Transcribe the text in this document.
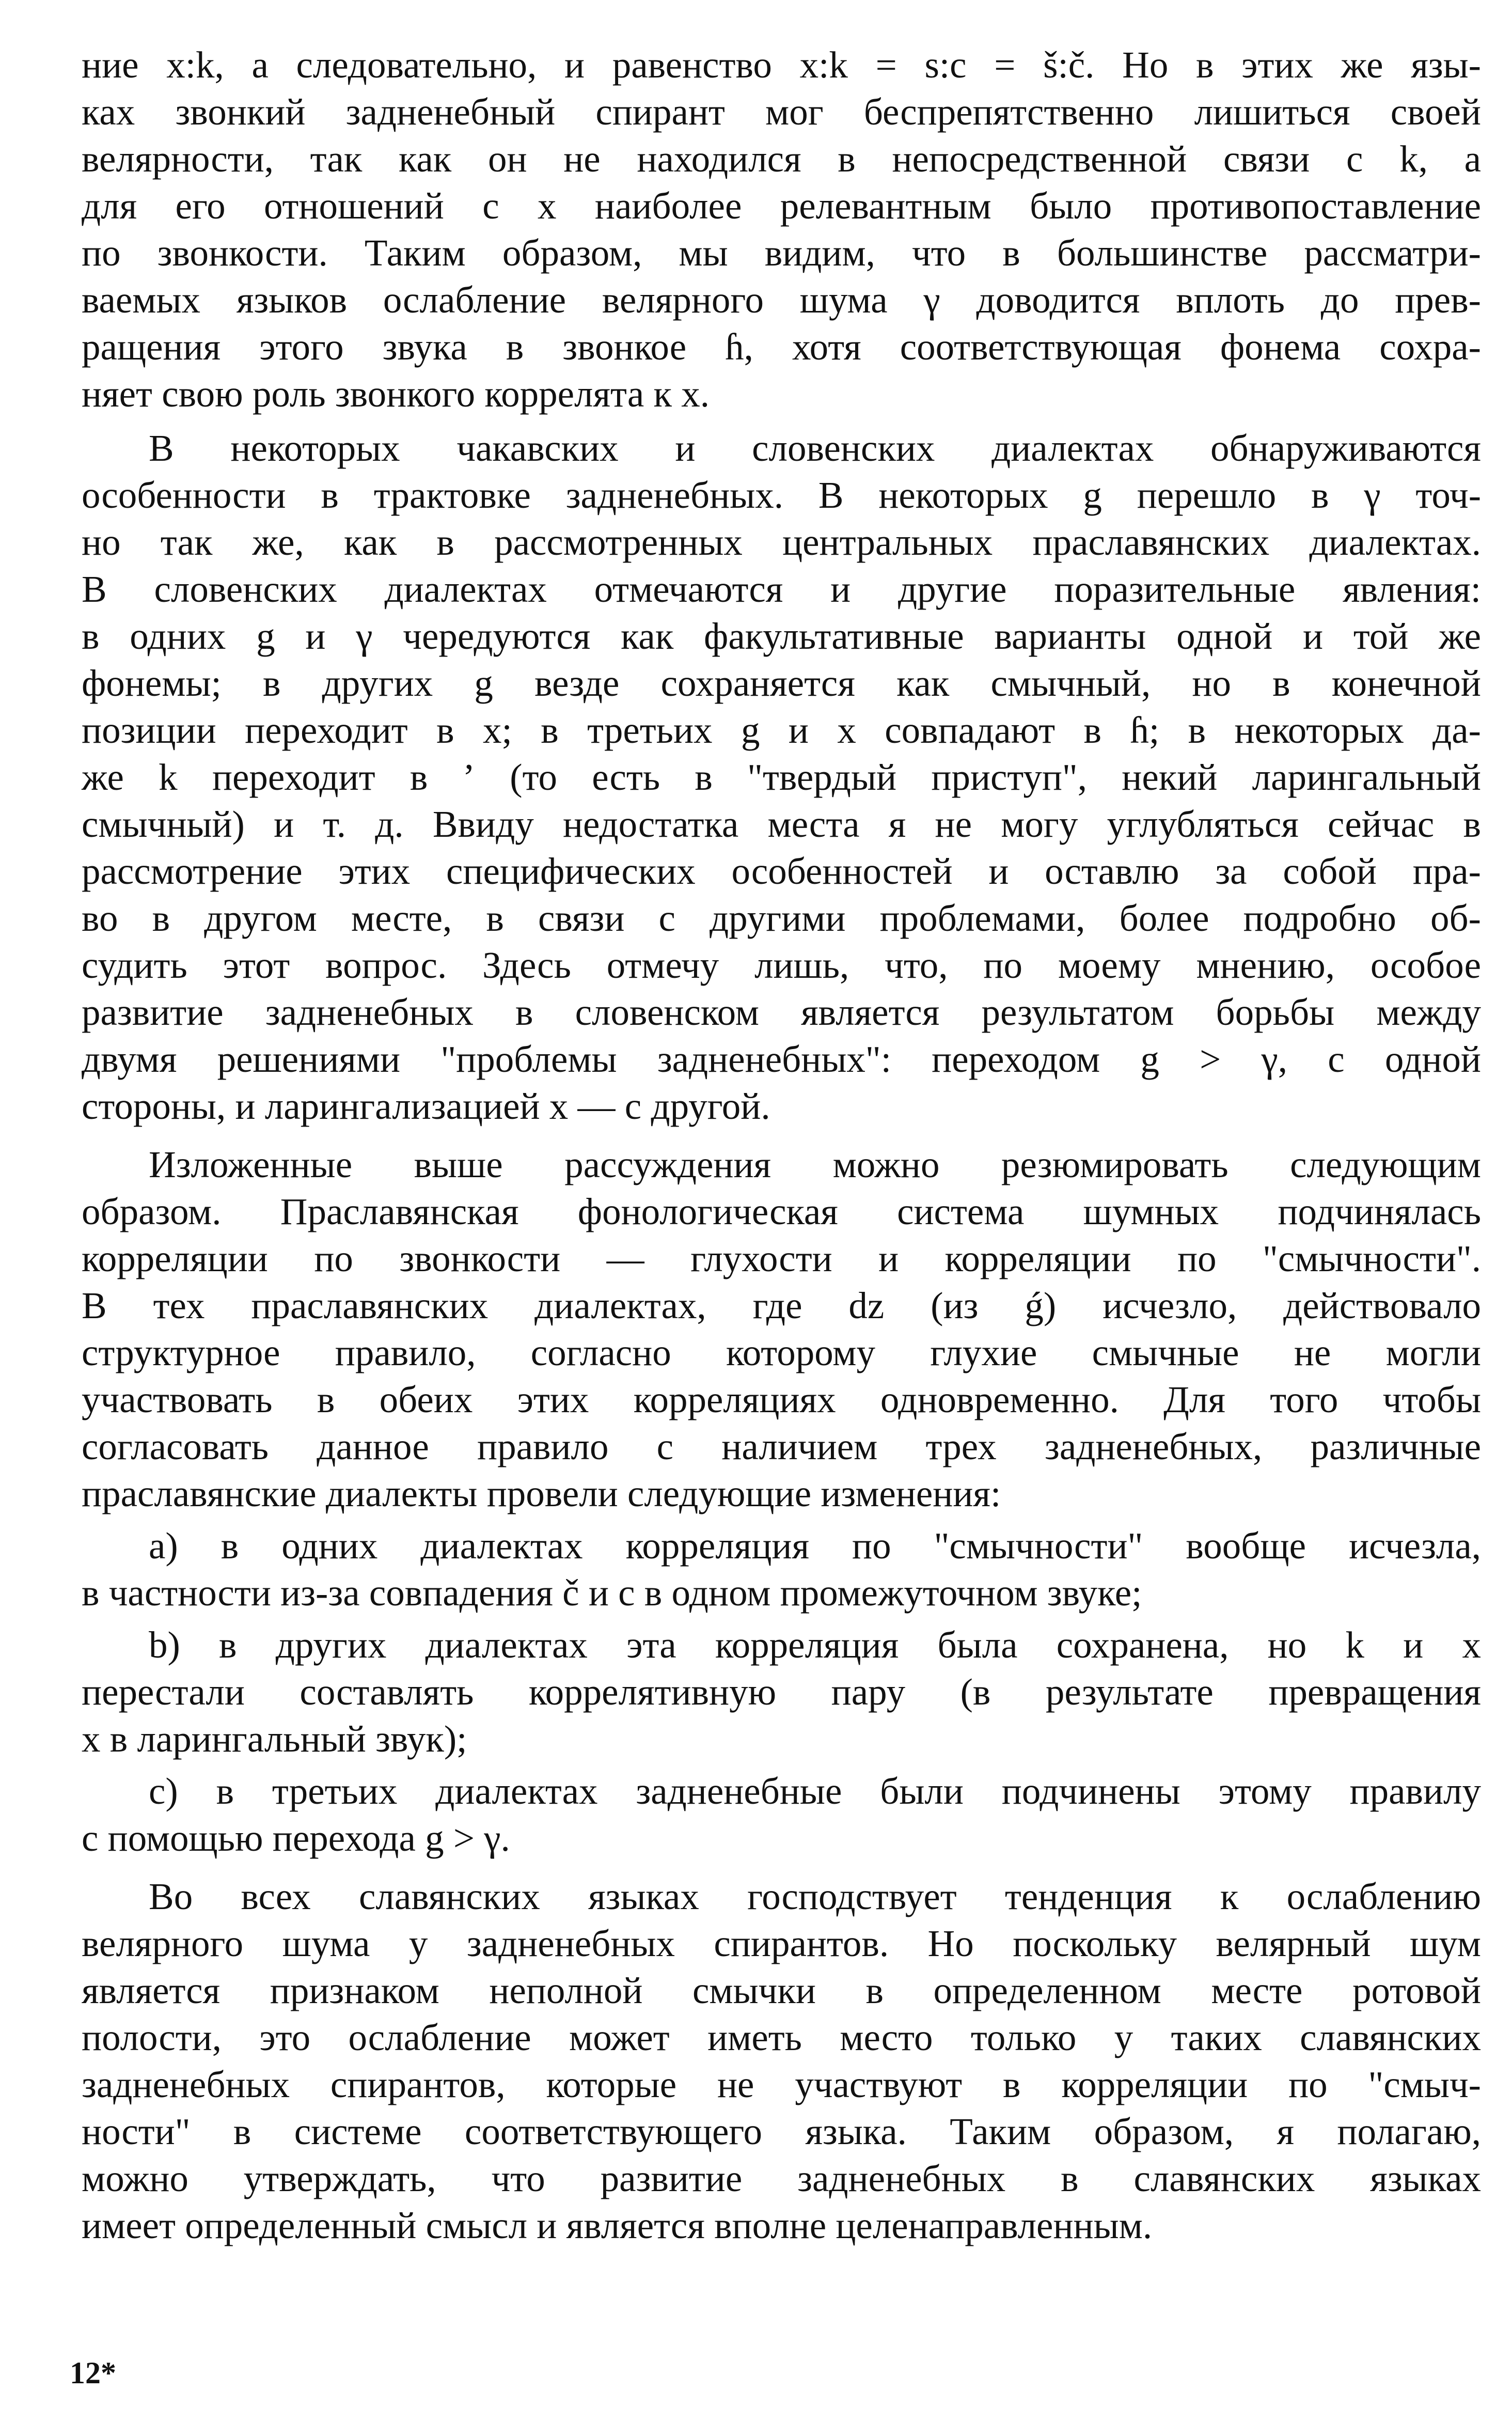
ние x:k, а следовательно, и равенство x:k = s:c = š:č. Но в этих же язы-
ках звонкий задненебный спирант мог беспрепятственно лишиться своей
велярности, так как он не находился в непосредственной связи с k, а
для его отношений с x наиболее релевантным было противопоставление
по звонкости. Таким образом, мы видим, что в большинстве рассматри-
ваемых языков ослабление велярного шума γ доводится вплоть до прев-
ращения этого звука в звонкое ɦ, хотя соответствующая фонема сохра-
няет свою роль звонкого коррелята к x.

В некоторых чакавских и словенских диалектах обнаруживаются
особенности в трактовке задненебных. В некоторых g перешло в γ точ-
но так же, как в рассмотренных центральных праславянских диалектах.
В словенских диалектах отмечаются и другие поразительные явления:
в одних g и γ чередуются как факультативные варианты одной и той же
фонемы; в других g везде сохраняется как смычный, но в конечной
позиции переходит в x; в третьих g и x совпадают в ɦ; в некоторых да-
же k переходит в ʼ (то есть в "твердый приступ", некий ларингальный
смычный) и т. д. Ввиду недостатка места я не могу углубляться сейчас в
рассмотрение этих специфических особенностей и оставлю за собой пра-
во в другом месте, в связи с другими проблемами, более подробно об-
судить этот вопрос. Здесь отмечу лишь, что, по моему мнению, особое
развитие задненебных в словенском является результатом борьбы между
двумя решениями "проблемы задненебных": переходом g > γ, с одной
стороны, и ларингализацией x — с другой.

Изложенные выше рассуждения можно резюмировать следующим
образом. Праславянская фонологическая система шумных подчинялась
корреляции по звонкости — глухости и корреляции по "смычности".
В тех праславянских диалектах, где dz (из ǵ) исчезло, действовало
структурное правило, согласно которому глухие смычные не могли
участвовать в обеих этих корреляциях одновременно. Для того чтобы
согласовать данное правило с наличием трех задненебных, различные
праславянские диалекты провели следующие изменения:

а) в одних диалектах корреляция по "смычности" вообще исчезла,
в частности из-за совпадения č и c в одном промежуточном звуке;

b) в других диалектах эта корреляция была сохранена, но k и x
перестали составлять коррелятивную пару (в результате превращения
x в ларингальный звук);

с) в третьих диалектах задненебные были подчинены этому правилу
с помощью перехода g > γ.

Во всех славянских языках господствует тенденция к ослаблению
велярного шума у задненебных спирантов. Но поскольку велярный шум
является признаком неполной смычки в определенном месте ротовой
полости, это ослабление может иметь место только у таких славянских
задненебных спирантов, которые не участвуют в корреляции по "смыч-
ности" в системе соответствующего языка. Таким образом, я полагаю,
можно утверждать, что развитие задненебных в славянских языках
имеет определенный смысл и является вполне целенаправленным.

12*
